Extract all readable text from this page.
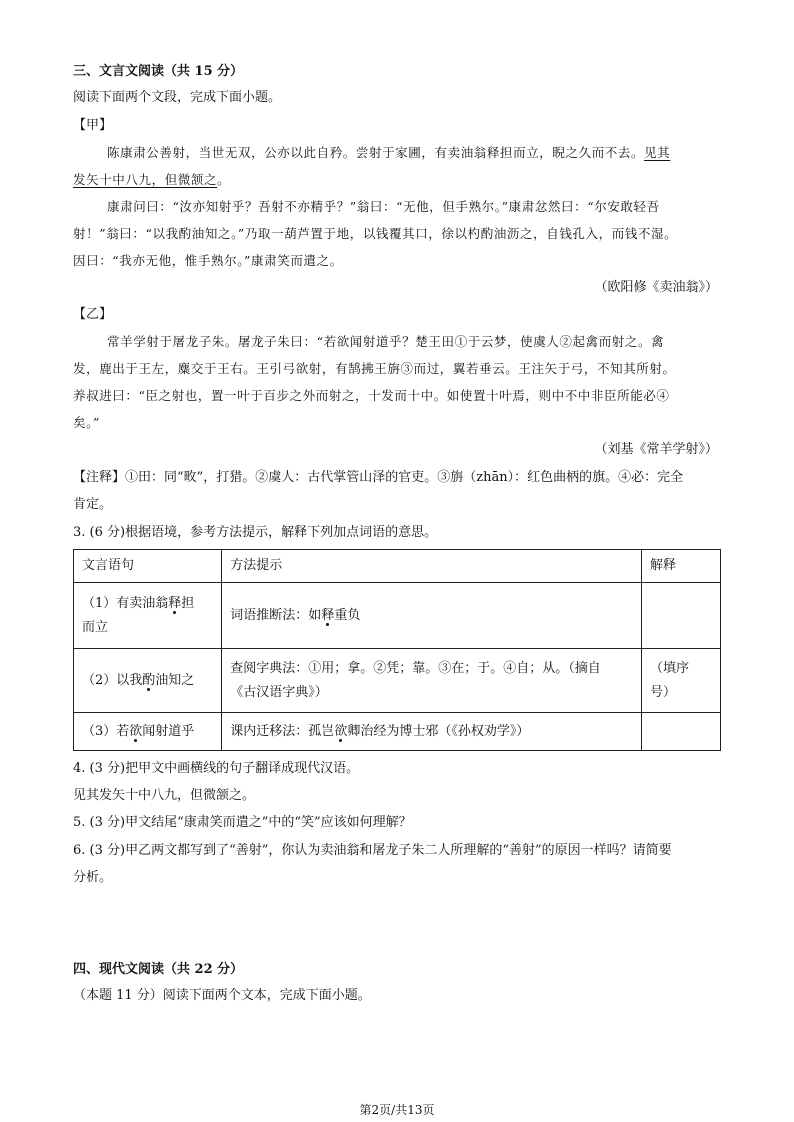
三、文言文阅读（共 15 分）
阅读下面两个文段，完成下面小题。
【甲】
陈康肃公善射，当世无双，公亦以此自矜。尝射于家圃，有卖油翁释担而立，睨之久而不去。见其
发矢十中八九，但微颔之。
康肃问曰：“汝亦知射乎？吾射不亦精乎？”翁曰：“无他，但手熟尔。”康肃忿然曰：“尔安敢轻吾
射！”翁曰：“以我酌油知之。”乃取一葫芦置于地，以钱覆其口，徐以杓酌油沥之，自钱孔入，而钱不湿。
因曰：“我亦无他，惟手熟尔。”康肃笑而遣之。
（欧阳修《卖油翁》）
【乙】
常羊学射于屠龙子朱。屠龙子朱曰：“若欲闻射道乎？楚王田①于云梦，使虞人②起禽而射之。禽
发，鹿出于王左，麋交于王右。王引弓欲射，有鹄拂王旃③而过，翼若垂云。王注矢于弓，不知其所射。
养叔进曰：“臣之射也，置一叶于百步之外而射之，十发而十中。如使置十叶焉，则中不中非臣所能必④
矣。”
（刘基《常羊学射》）
【注释】①田：同“畋”，打猎。②虞人：古代掌管山泽的官吏。③旃（zhān）：红色曲柄的旗。④必：完全
肯定。
3. (6 分)根据语境，参考方法提示，解释下列加点词语的意思。
文言语句	方法提示	解释
（1）有卖油翁释担
而立	词语推断法：如释重负	
（2）以我酌油知之	查阅字典法：①用；拿。②凭；靠。③在；于。④自；从。（摘自
《古汉语字典》）	（填序
号）
（3）若欲闻射道乎	课内迁移法：孤岂欲卿治经为博士邪（《孙权劝学》）	
4. (3 分)把甲文中画横线的句子翻译成现代汉语。
见其发矢十中八九，但微颔之。
5. (3 分)甲文结尾“康肃笑而遣之”中的“笑”应该如何理解？
6. (3 分)甲乙两文都写到了“善射”，你认为卖油翁和屠龙子朱二人所理解的“善射”的原因一样吗？请简要
分析。
四、现代文阅读（共 22 分）
（本题 11 分）阅读下面两个文本，完成下面小题。
第2页/共13页
